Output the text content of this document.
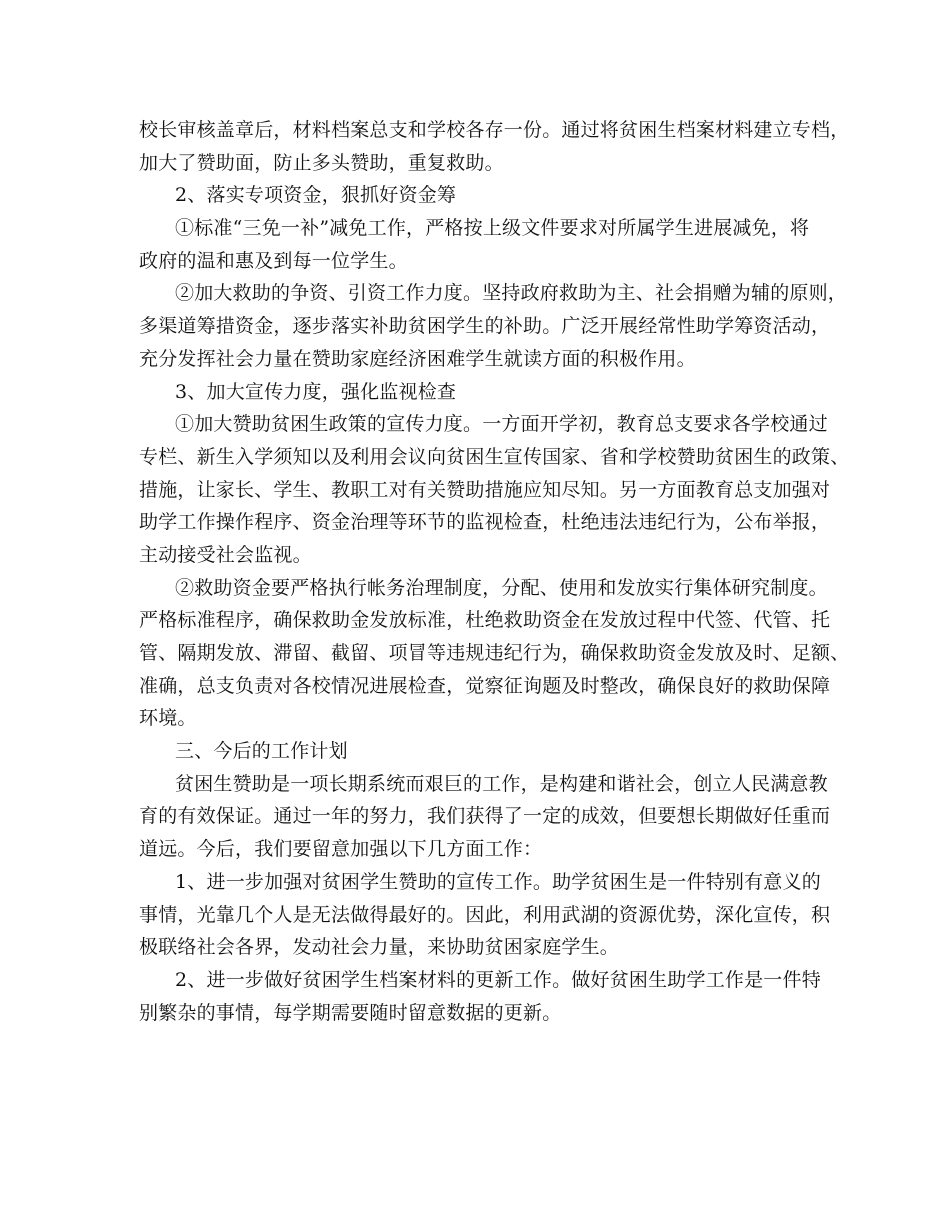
校长审核盖章后，材料档案总支和学校各存一份。通过将贫困生档案材料建立专档，
加大了赞助面，防止多头赞助，重复救助。
2、落实专项资金，狠抓好资金筹
①标准“三免一补”减免工作，严格按上级文件要求对所属学生进展减免，将
政府的温和惠及到每一位学生。
②加大救助的争资、引资工作力度。坚持政府救助为主、社会捐赠为辅的原则，
多渠道筹措资金，逐步落实补助贫困学生的补助。广泛开展经常性助学筹资活动，
充分发挥社会力量在赞助家庭经济困难学生就读方面的积极作用。
3、加大宣传力度，强化监视检查
①加大赞助贫困生政策的宣传力度。一方面开学初，教育总支要求各学校通过
专栏、新生入学须知以及利用会议向贫困生宣传国家、省和学校赞助贫困生的政策、
措施，让家长、学生、教职工对有关赞助措施应知尽知。另一方面教育总支加强对
助学工作操作程序、资金治理等环节的监视检查，杜绝违法违纪行为，公布举报，
主动接受社会监视。
②救助资金要严格执行帐务治理制度，分配、使用和发放实行集体研究制度。
严格标准程序，确保救助金发放标准，杜绝救助资金在发放过程中代签、代管、托
管、隔期发放、滞留、截留、项冒等违规违纪行为，确保救助资金发放及时、足额、
准确，总支负责对各校情况进展检查，觉察征询题及时整改，确保良好的救助保障
环境。
三、今后的工作计划
贫困生赞助是一项长期系统而艰巨的工作，是构建和谐社会，创立人民满意教
育的有效保证。通过一年的努力，我们获得了一定的成效，但要想长期做好任重而
道远。今后，我们要留意加强以下几方面工作：
1、进一步加强对贫困学生赞助的宣传工作。助学贫困生是一件特别有意义的
事情，光靠几个人是无法做得最好的。因此，利用武湖的资源优势，深化宣传，积
极联络社会各界，发动社会力量，来协助贫困家庭学生。
2、进一步做好贫困学生档案材料的更新工作。做好贫困生助学工作是一件特
别繁杂的事情，每学期需要随时留意数据的更新。
